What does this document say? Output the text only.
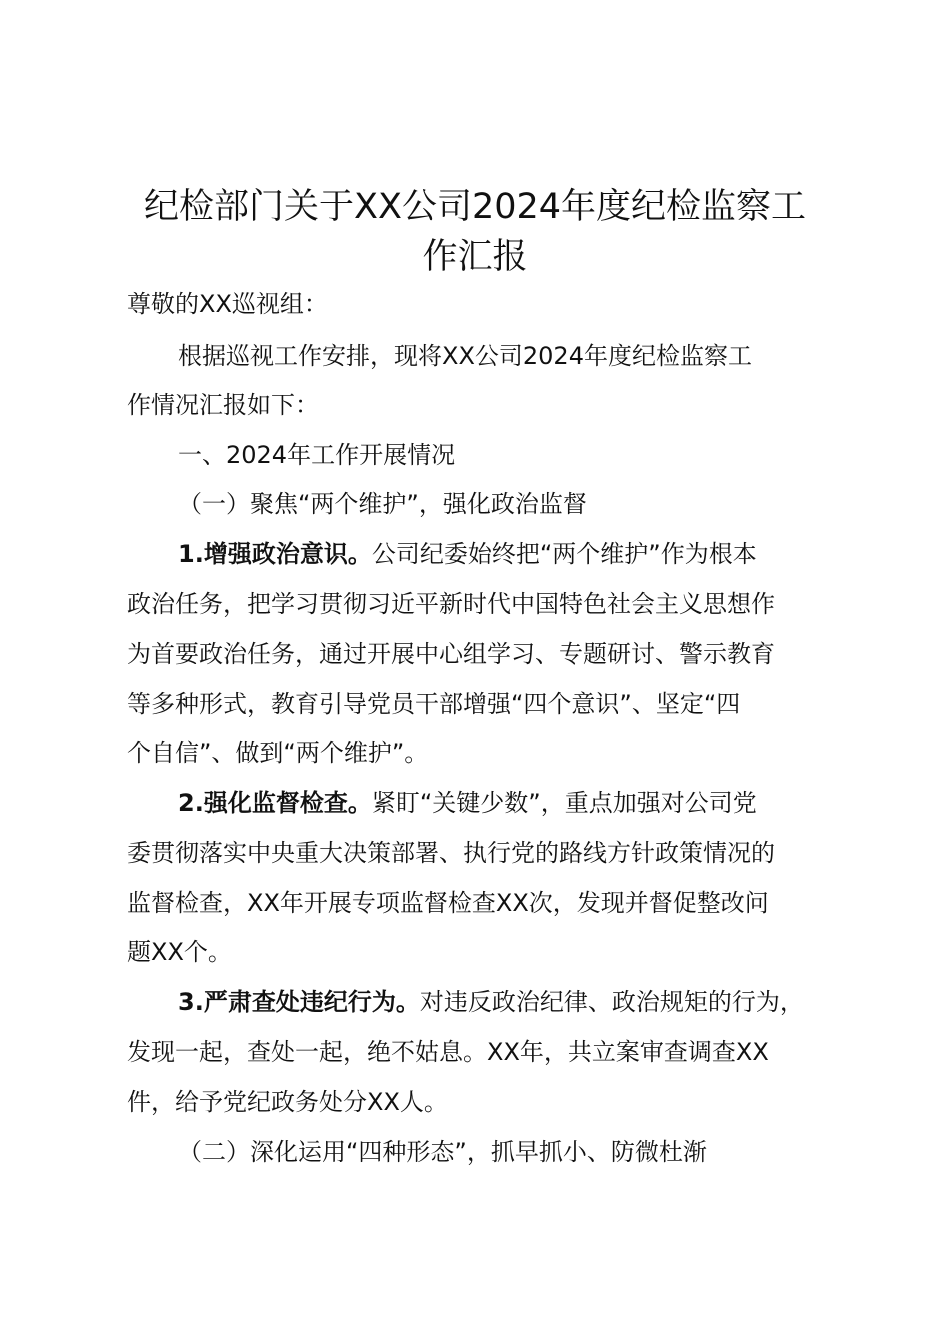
纪检部门关于XX公司2024年度纪检监察工
作汇报
尊敬的XX巡视组：
根据巡视工作安排，现将XX公司2024年度纪检监察工
作情况汇报如下：
一、2024年工作开展情况
（一）聚焦“两个维护”，强化政治监督
1.增强政治意识。公司纪委始终把“两个维护”作为根本
政治任务，把学习贯彻习近平新时代中国特色社会主义思想作
为首要政治任务，通过开展中心组学习、专题研讨、警示教育
等多种形式，教育引导党员干部增强“四个意识”、坚定“四
个自信”、做到“两个维护”。
2.强化监督检查。紧盯“关键少数”，重点加强对公司党
委贯彻落实中央重大决策部署、执行党的路线方针政策情况的
监督检查，XX年开展专项监督检查XX次，发现并督促整改问
题XX个。
3.严肃查处违纪行为。对违反政治纪律、政治规矩的行为，
发现一起，查处一起，绝不姑息。XX年，共立案审查调查XX
件，给予党纪政务处分XX人。
（二）深化运用“四种形态”，抓早抓小、防微杜渐
